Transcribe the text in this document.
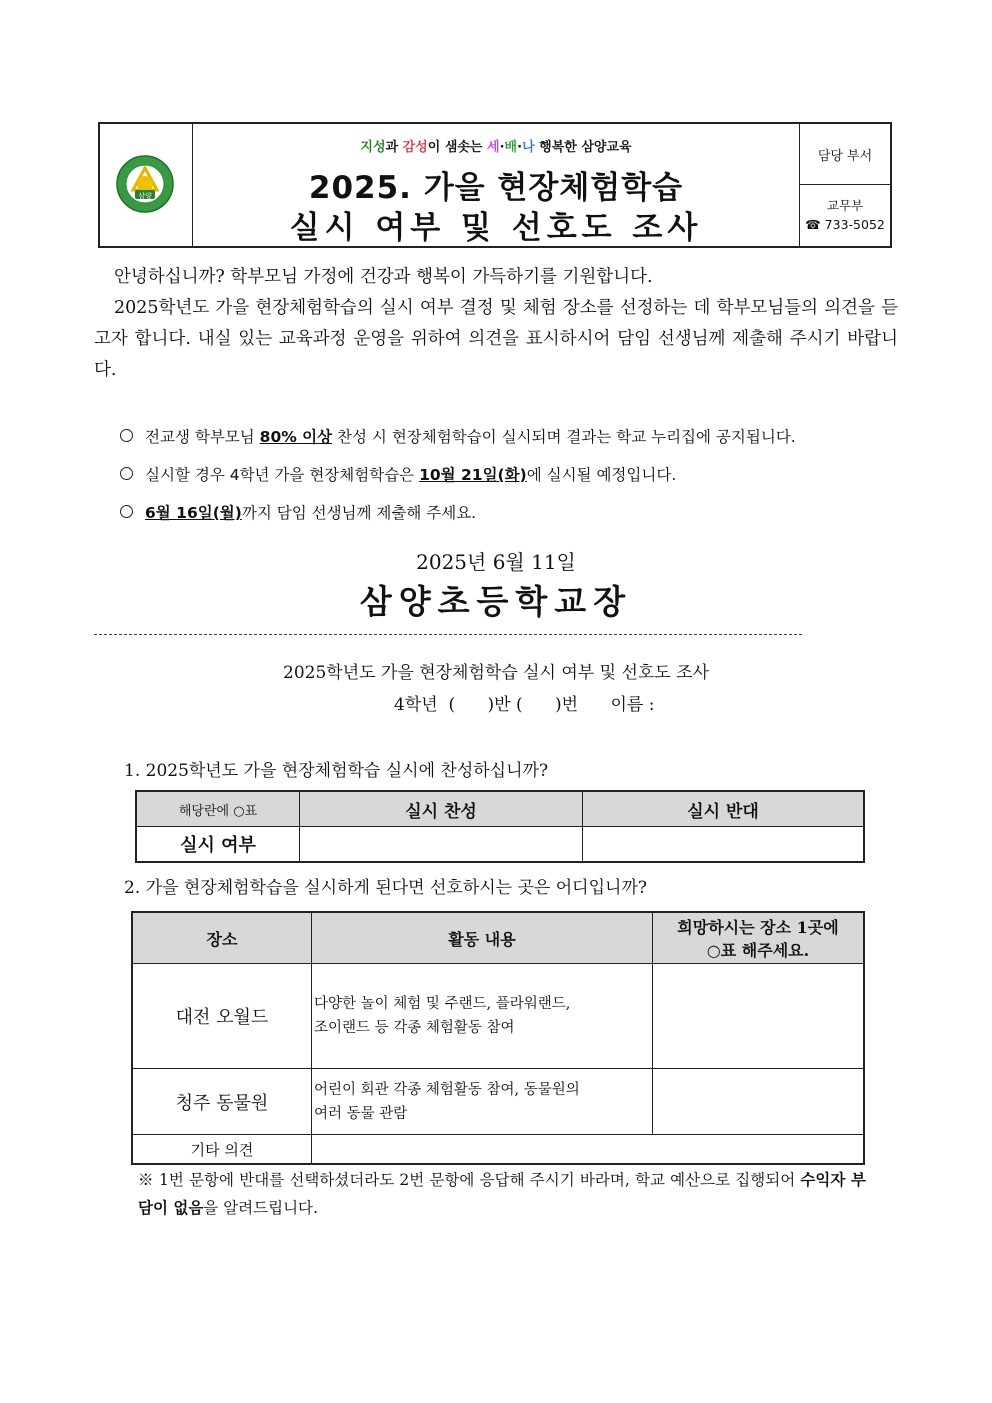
삼양
지성과 감성이 샘솟는 세·배·나 행복한 삼양교육
2025. 가을 현장체험학습
실시 여부 및 선호도 조사
담당 부서
교무부
☎ 733-5052

안녕하십니까? 학부모님 가정에 건강과 행복이 가득하기를 기원합니다.

2025학년도 가을 현장체험학습의 실시 여부 결정 및 체험 장소를 선정하는 데 학부모님들의 의견을 듣고자 합니다. 내실 있는 교육과정 운영을 위하여 의견을 표시하시어 담임 선생님께 제출해 주시기 바랍니다.

전교생 학부모님 80% 이상 찬성 시 현장체험학습이 실시되며 결과는 학교 누리집에 공지됩니다.
실시할 경우 4학년 가을 현장체험학습은 10월 21일(화)에 실시될 예정입니다.
6월 16일(월)까지 담임 선생님께 제출해 주세요.
2025년 6월 11일
삼양초등학교장
2025학년도 가을 현장체험학습 실시 여부 및 선호도 조사
4학년  (      )반 (      )번      이름 :
1. 2025학년도 가을 현장체험학습 실시에 찬성하십니까?
해당란에 ○표	실시 찬성	실시 반대
실시 여부		
2. 가을 현장체험학습을 실시하게 된다면 선호하시는 곳은 어디입니까?
장소	활동 내용	희망하시는 장소 1곳에
○표 해주세요.

대전 오월드	다양한 놀이 체험 및 주랜드, 플라워랜드,
조이랜드 등 각종 체험활동 참여	

청주 동물원	어린이 회관 각종 체험활동 참여, 동물원의
여러 동물 관람	

기타 의견		
※ 1번 문항에 반대를 선택하셨더라도 2번 문항에 응답해 주시기 바라며, 학교 예산으로 집행되어 수익자 부담이 없음을 알려드립니다.
